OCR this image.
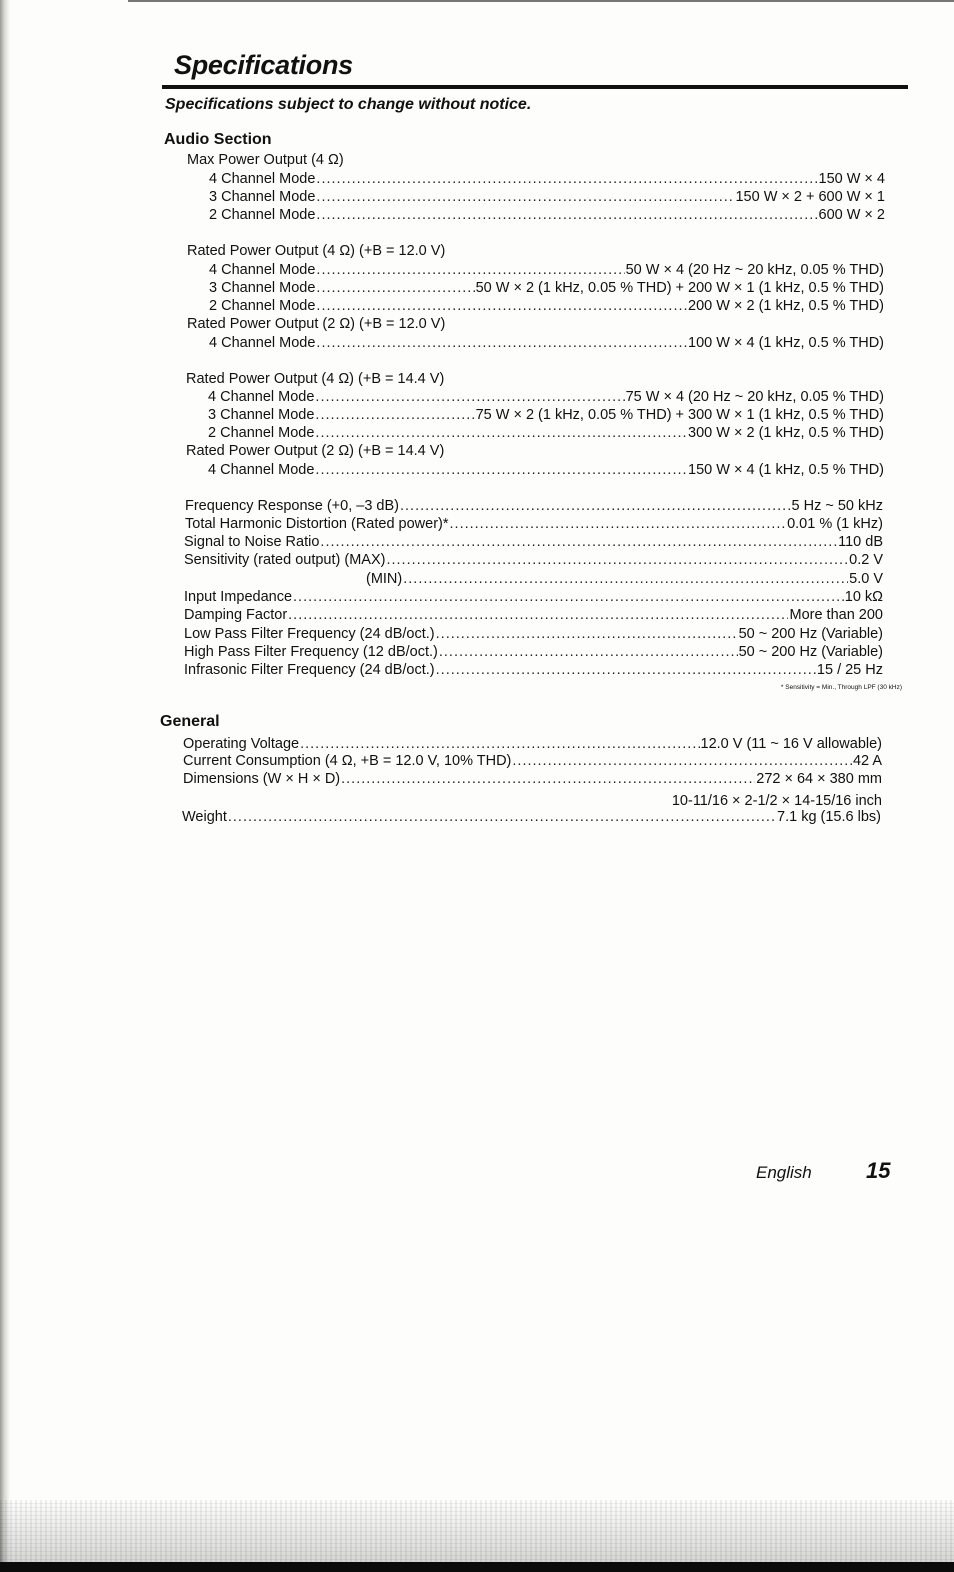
Specifications

Specifications subject to change without notice.

Audio Section
Max Power Output (4 Ω)
4 Channel Mode .....	150 W × 4
3 Channel Mode .....	150 W × 2 + 600 W × 1
2 Channel Mode .....	600 W × 2
Rated Power Output (4 Ω) (+B = 12.0 V)
4 Channel Mode .....	50 W × 4 (20 Hz ~ 20 kHz, 0.05 % THD)
3 Channel Mode .....	50 W × 2 (1 kHz, 0.05 % THD) + 200 W × 1 (1 kHz, 0.5 % THD)
2 Channel Mode .....	200 W × 2 (1 kHz, 0.5 % THD)
Rated Power Output (2 Ω) (+B = 12.0 V)
4 Channel Mode .....	100 W × 4 (1 kHz, 0.5 % THD)
Rated Power Output (4 Ω) (+B = 14.4 V)
4 Channel Mode .....	75 W × 4 (20 Hz ~ 20 kHz, 0.05 % THD)
3 Channel Mode .....	75 W × 2 (1 kHz, 0.05 % THD) + 300 W × 1 (1 kHz, 0.5 % THD)
2 Channel Mode .....	300 W × 2 (1 kHz, 0.5 % THD)
Rated Power Output (2 Ω) (+B = 14.4 V)
4 Channel Mode .....	150 W × 4 (1 kHz, 0.5 % THD)
Frequency Response (+0, –3 dB) .....	5 Hz ~ 50 kHz
Total Harmonic Distortion (Rated power)* .....	0.01 % (1 kHz)
Signal to Noise Ratio .....	110 dB
Sensitivity (rated output) (MAX) .....	0.2 V
(MIN) .....	5.0 V
Input Impedance .....	10 kΩ
Damping Factor .....	More than 200
Low Pass Filter Frequency (24 dB/oct.) .....	50 ~ 200 Hz (Variable)
High Pass Filter Frequency (12 dB/oct.) .....	50 ~ 200 Hz (Variable)
Infrasonic Filter Frequency (24 dB/oct.) .....	15 / 25 Hz
* Sensitivity = Min., Through LPF (30 kHz)
General
Operating Voltage .....	12.0 V (11 ~ 16 V allowable)
Current Consumption (4 Ω, +B = 12.0 V, 10% THD) .....	42 A
Dimensions (W × H × D) .....	272 × 64 × 380 mm
10-11/16 × 2-1/2 × 14-15/16 inch
Weight .....	7.1 kg (15.6 lbs)
English 15
